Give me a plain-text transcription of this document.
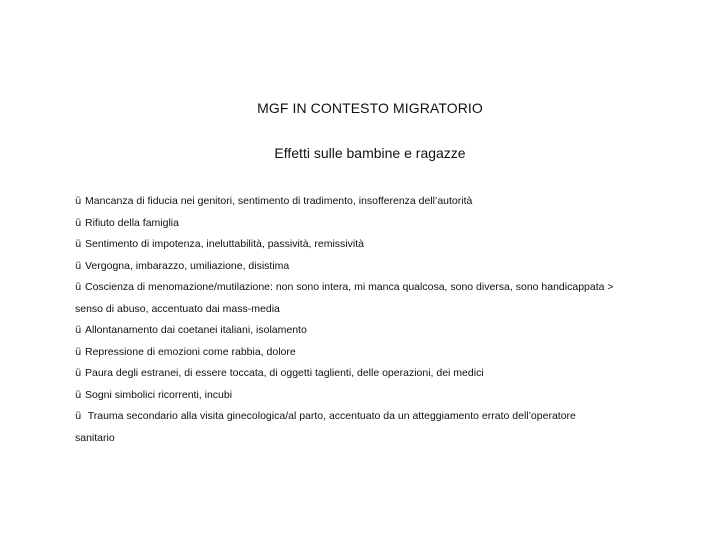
MGF IN CONTESTO MIGRATORIO
Effetti sulle bambine e ragazze
ü Mancanza di fiducia nei genitori, sentimento di tradimento, insofferenza dell’autorità
ü Rifiuto della famiglia
ü Sentimento di impotenza, ineluttabilità, passività, remissività
ü Vergogna, imbarazzo, umiliazione, disistima
ü Coscienza di menomazione/mutilazione: non sono intera, mi manca qualcosa, sono diversa, sono handicappata >
senso di abuso, accentuato dai mass-media
ü Allontanamento dai coetanei italiani, isolamento
ü Repressione di emozioni come rabbia, dolore
ü Paura degli estranei, di essere toccata, di oggetti taglienti, delle operazioni, dei medici
ü Sogni simbolici ricorrenti, incubi
ü Trauma secondario alla visita ginecologica/al parto, accentuato da un atteggiamento errato dell’operatore
sanitario
